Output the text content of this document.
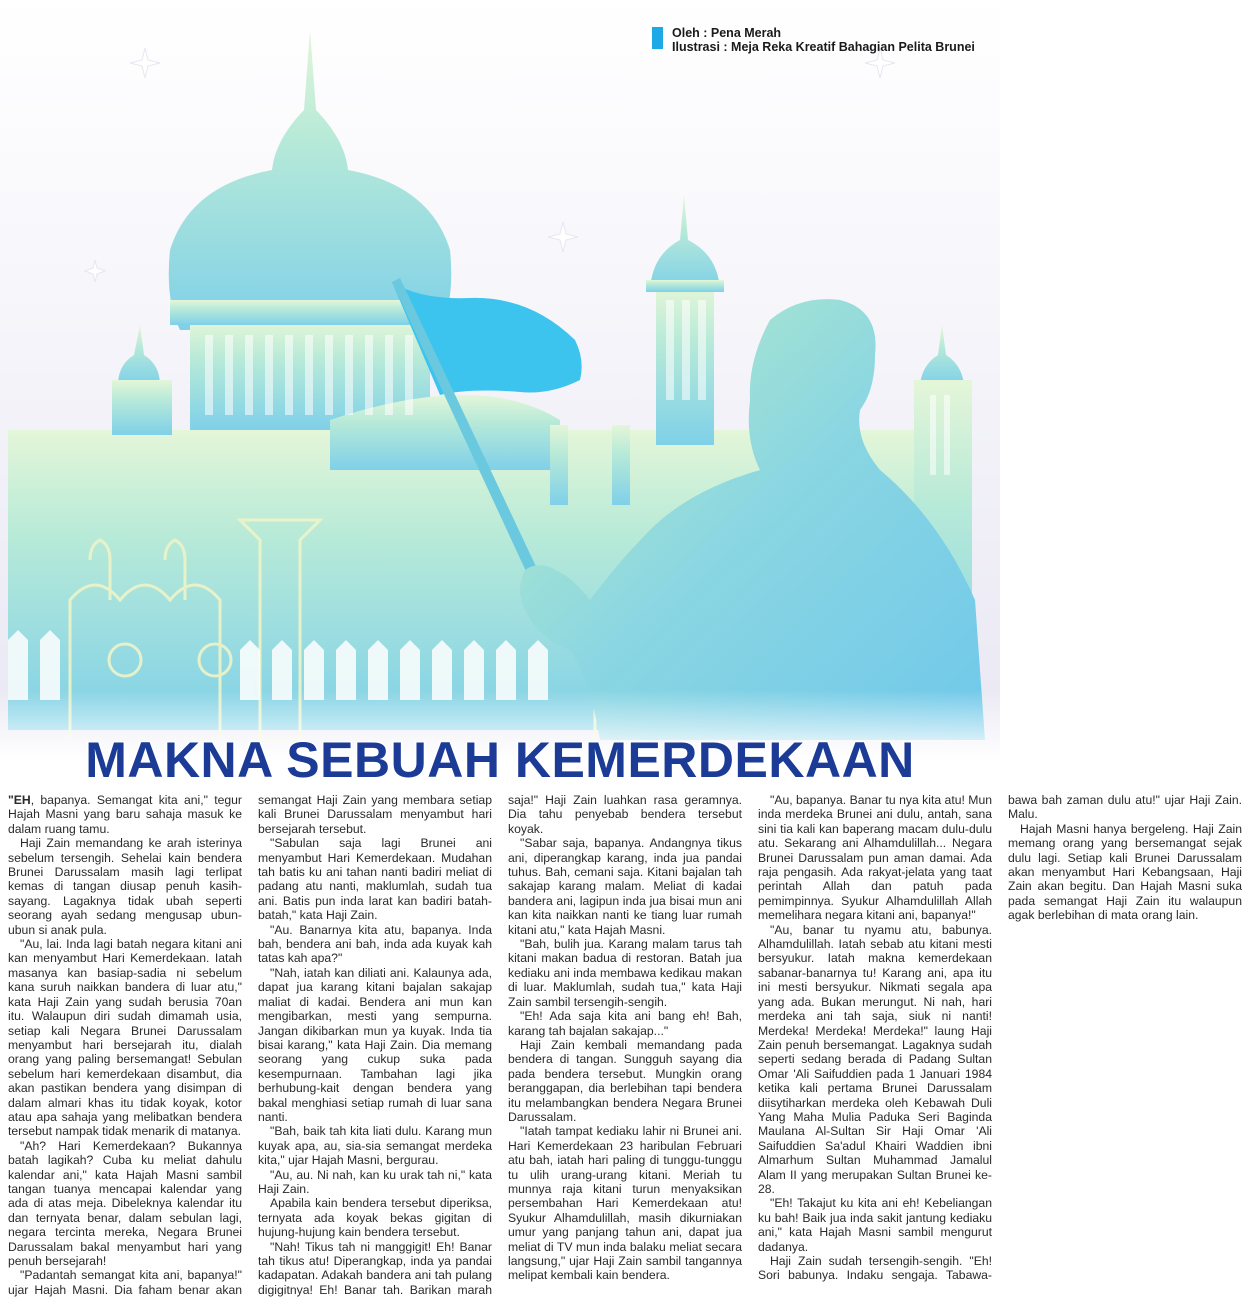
Oleh : Pena Merah
Ilustrasi : Meja Reka Kreatif Bahagian Pelita Brunei
MAKNA SEBUAH KEMERDEKAAN

"EH, bapanya. Semangat kita ani," tegur Hajah Masni yang baru sahaja masuk ke dalam ruang tamu.

Haji Zain memandang ke arah isterinya sebelum tersengih. Sehelai kain bendera Brunei Darussalam masih lagi terlipat kemas di tangan diusap penuh kasih-sayang. Lagaknya tidak ubah seperti seorang ayah sedang mengusap ubun-ubun si anak pula.

"Au, lai. Inda lagi batah negara kitani ani kan menyambut Hari Kemerdekaan. Iatah masanya kan basiap-sadia ni sebelum kana suruh naikkan bandera di luar atu," kata Haji Zain yang sudah berusia 70an itu. Walaupun diri sudah dimamah usia, setiap kali Negara Brunei Darussalam menyambut hari bersejarah itu, dialah orang yang paling bersemangat! Sebulan sebelum hari kemerdekaan disambut, dia akan pastikan bendera yang disimpan di dalam almari khas itu tidak koyak, kotor atau apa sahaja yang melibatkan bendera tersebut nampak tidak menarik di matanya.

"Ah? Hari Kemerdekaan? Bukannya batah lagikah? Cuba ku meliat dahulu kalendar ani," kata Hajah Masni sambil tangan tuanya mencapai kalendar yang ada di atas meja. Dibeleknya kalendar itu dan ternyata benar, dalam sebulan lagi, negara tercinta mereka, Negara Brunei Darussalam bakal menyambut hari yang penuh bersejarah!

"Padantah semangat kita ani, bapanya!" ujar Hajah Masni. Dia faham benar akan semangat Haji Zain yang membara setiap kali Brunei Darussalam menyambut hari bersejarah tersebut.

"Sabulan saja lagi Brunei ani menyambut Hari Kemerdekaan. Mudahan tah batis ku ani tahan nanti badiri meliat di padang atu nanti, maklumlah, sudah tua ani. Batis pun inda larat kan badiri batah-batah," kata Haji Zain.

"Au. Banarnya kita atu, bapanya. Inda bah, bendera ani bah, inda ada kuyak kah tatas kah apa?"

"Nah, iatah kan diliati ani. Kalaunya ada, dapat jua karang kitani bajalan sakajap maliat di kadai. Bendera ani mun kan mengibarkan, mesti yang sempurna. Jangan dikibarkan mun ya kuyak. Inda tia bisai karang," kata Haji Zain. Dia memang seorang yang cukup suka pada kesempurnaan. Tambahan lagi jika berhubung-kait dengan bendera yang bakal menghiasi setiap rumah di luar sana nanti.

"Bah, baik tah kita liati dulu. Karang mun kuyak apa, au, sia-sia semangat merdeka kita," ujar Hajah Masni, bergurau.

"Au, au. Ni nah, kan ku urak tah ni," kata Haji Zain.

Apabila kain bendera tersebut diperiksa, ternyata ada koyak bekas gigitan di hujung-hujung kain bendera tersebut.

"Nah! Tikus tah ni manggigit! Eh! Banar tah tikus atu! Diperangkap, inda ya pandai kadapatan. Adakah bandera ani tah pulang digigitnya! Eh! Banar tah. Barikan marah saja!" Haji Zain luahkan rasa geramnya. Dia tahu penyebab bendera tersebut koyak.

"Sabar saja, bapanya. Andangnya tikus ani, diperangkap karang, inda jua pandai tuhus. Bah, cemani saja. Kitani bajalan tah sakajap karang malam. Meliat di kadai bandera ani, lagipun inda jua bisai mun ani kan kita naikkan nanti ke tiang luar rumah kitani atu," kata Hajah Masni.

"Bah, bulih jua. Karang malam tarus tah kitani makan badua di restoran. Batah jua kediaku ani inda membawa kedikau makan di luar. Maklumlah, sudah tua," kata Haji Zain sambil tersengih-sengih.

"Eh! Ada saja kita ani bang eh! Bah, karang tah bajalan sakajap..."

Haji Zain kembali memandang pada bendera di tangan. Sungguh sayang dia pada bendera tersebut. Mungkin orang beranggapan, dia berlebihan tapi bendera itu melambangkan bendera Negara Brunei Darussalam.

"Iatah tampat kediaku lahir ni Brunei ani. Hari Kemerdekaan 23 haribulan Februari atu bah, iatah hari paling di tunggu-tunggu tu ulih urang-urang kitani. Meriah tu munnya raja kitani turun menyaksikan persembahan Hari Kemerdekaan atu! Syukur Alhamdulillah, masih dikurniakan umur yang panjang tahun ani, dapat jua meliat di TV mun inda balaku meliat secara langsung," ujar Haji Zain sambil tangannya melipat kembali kain bendera.

"Au, bapanya. Banar tu nya kita atu! Mun inda merdeka Brunei ani dulu, antah, sana sini tia kali kan baperang macam dulu-dulu atu. Sekarang ani Alhamdulillah... Negara Brunei Darussalam pun aman damai. Ada raja pengasih. Ada rakyat-jelata yang taat perintah Allah dan patuh pada pemimpinnya. Syukur Alhamdulillah Allah memelihara negara kitani ani, bapanya!"

"Au, banar tu nyamu atu, babunya. Alhamdulillah. Iatah sebab atu kitani mesti bersyukur. Iatah makna kemerdekaan sabanar-banarnya tu! Karang ani, apa itu ini mesti bersyukur. Nikmati segala apa yang ada. Bukan merungut. Ni nah, hari merdeka ani tah saja, siuk ni nanti! Merdeka! Merdeka! Merdeka!" laung Haji Zain penuh bersemangat. Lagaknya sudah seperti sedang berada di Padang Sultan Omar 'Ali Saifuddien pada 1 Januari 1984 ketika kali pertama Brunei Darussalam diisytiharkan merdeka oleh Kebawah Duli Yang Maha Mulia Paduka Seri Baginda Maulana Al-Sultan Sir Haji Omar 'Ali Saifuddien Sa'adul Khairi Waddien ibni Almarhum Sultan Muhammad Jamalul Alam II yang merupakan Sultan Brunei ke-28.

"Eh! Takajut ku kita ani eh! Kebeliangan ku bah! Baik jua inda sakit jantung kediaku ani," kata Hajah Masni sambil mengurut dadanya.

Haji Zain sudah tersengih-sengih. "Eh! Sori babunya. Indaku sengaja. Tabawa-bawa bah zaman dulu atu!" ujar Haji Zain. Malu.

Hajah Masni hanya bergeleng. Haji Zain memang orang yang bersemangat sejak dulu lagi. Setiap kali Brunei Darussalam akan menyambut Hari Kebangsaan, Haji Zain akan begitu. Dan Hajah Masni suka pada semangat Haji Zain itu walaupun agak berlebihan di mata orang lain.
